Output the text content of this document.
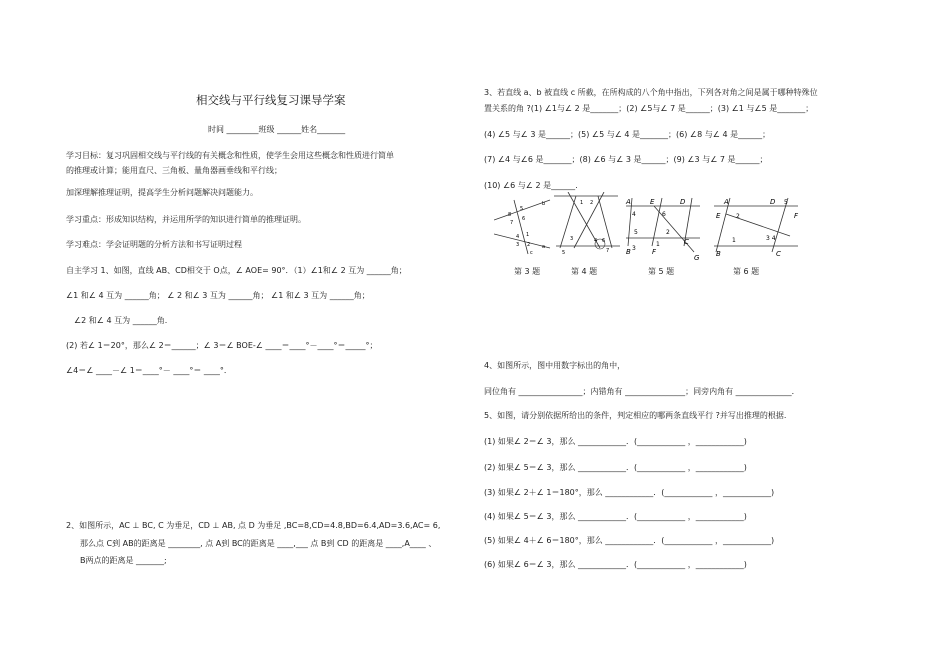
相交线与平行线复习课导学案
时间 ________班级 ______姓名_______
学习目标：复习巩固相交线与平行线的有关概念和性质，使学生会用这些概念和性质进行简单
的推理或计算；能用直尺、三角板、量角器画垂线和平行线；
加深理解推理证明，提高学生分析问题解决问题能力。
学习重点：形成知识结构，并运用所学的知识进行简单的推理证明。
学习难点：学会证明题的分析方法和书写证明过程
自主学习 1、如图，直线 AB、CD相交于 O点，∠ AOE= 90°．（1）∠1和∠ 2 互为 ______角；
∠1 和∠ 4 互为 ______角； ∠ 2 和∠ 3 互为 ______角； ∠1 和∠ 3 互为 ______角；
∠2 和∠ 4 互为 ______角.
(2) 若∠ 1＝20°，那么∠ 2＝______；∠ 3＝∠ BOE-∠ ____＝____°－____°＝_____°；
∠4＝∠ ____－∠ 1＝____°－ ____°＝ ____°．
2、如图所示，AC ⊥ BC, C 为垂足，CD ⊥ AB, 点 D 为垂足 ,BC=8,CD=4.8,BD=6.4,AD=3.6,AC= 6,
那么点 C到 AB的距离是 ________, 点 A到 BC的距离是 ____,___ 点 B到 CD 的距离是 ____,A____ 、
B两点的距离是 _______;
3、若直线 a、b 被直线 c 所截，在所构成的八个角中指出，下列各对角之间是属于哪种特殊位
置关系的角 ?(1) ∠1与∠ 2 是_______；(2) ∠5与∠ 7 是______；(3) ∠1 与∠5 是_______；
(4) ∠5 与∠ 3 是______；(5) ∠5 与∠ 4 是_______；(6) ∠8 与∠ 4 是______；
(7) ∠4 与∠6 是_______；(8) ∠6 与∠ 3 是______；(9) ∠3 与∠ 7 是______；
(10) ∠6 与∠ 2 是______.
8
5
7
6
4 1
3 2
b
a
c
1 2
3	4 6
7
5
A	E	D
4	6
5	2
3
1
B	F
C
G
A	D
B	C
F
E	2
1	3 4
5
第 3 题	第 4 题	第 5 题	第 6 题
4、如图所示，图中用数字标出的角中，
同位角有 ________________；内错角有 _______________；同旁内角有 ______________．
5、如图，请分别依据所给出的条件，判定相应的哪两条直线平行 ?并写出推理的根据.
(1) 如果∠ 2＝∠ 3，那么 ____________．(____________ ，____________)
(2) 如果∠ 5＝∠ 3，那么 ____________．(____________ ，____________)
(3) 如果∠ 2＋∠ 1＝180°，那么 ____________．(____________ ，____________)
(4) 如果∠ 5＝∠ 3，那么 ____________．(____________ ，____________)
(5) 如果∠ 4＋∠ 6＝180°，那么 ____________．(____________ ，____________)
(6) 如果∠ 6＝∠ 3，那么 ____________．(____________ ，____________)
